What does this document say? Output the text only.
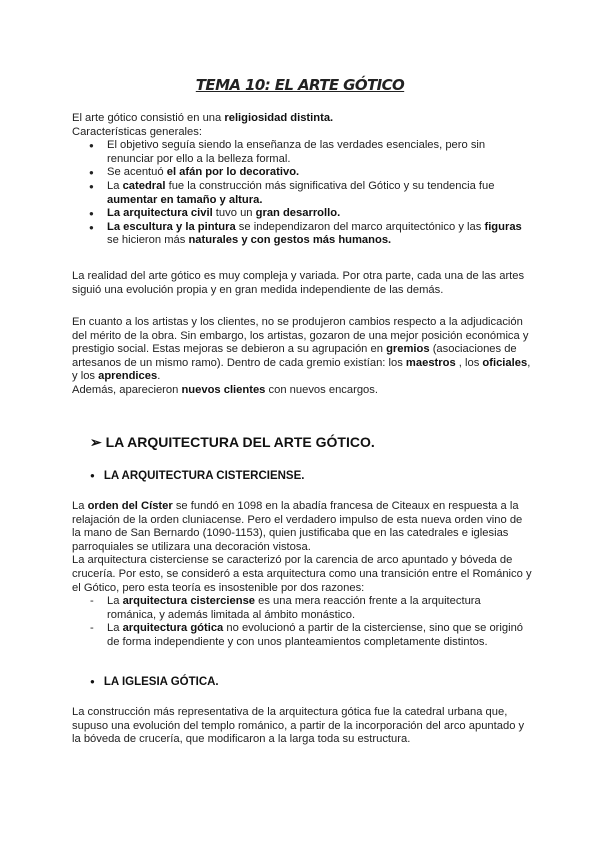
TEMA 10: EL ARTE GÓTICO

El arte gótico consistió en una religiosidad distinta.

Características generales:

● El objetivo seguía siendo la enseñanza de las verdades esenciales, pero sin renunciar por ello a la belleza formal.
● Se acentuó el afán por lo decorativo.
● La catedral fue la construcción más significativa del Gótico y su tendencia fue aumentar en tamaño y altura.
● La arquitectura civil tuvo un gran desarrollo.
● La escultura y la pintura se independizaron del marco arquitectónico y las figuras se hicieron más naturales y con gestos más humanos.

La realidad del arte gótico es muy compleja y variada. Por otra parte, cada una de las artes siguió una evolución propia y en gran medida independiente de las demás.

En cuanto a los artistas y los clientes, no se produjeron cambios respecto a la adjudicación del mérito de la obra. Sin embargo, los artistas, gozaron de una mejor posición económica y prestigio social. Estas mejoras se debieron a su agrupación en gremios (asociaciones de artesanos de un mismo ramo). Dentro de cada gremio existían: los maestros , los oficiales, y los aprendices.

Además, aparecieron nuevos clientes con nuevos encargos.

➢ LA ARQUITECTURA DEL ARTE GÓTICO.
● LA ARQUITECTURA CISTERCIENSE.

La orden del Císter se fundó en 1098 en la abadía francesa de Citeaux en respuesta a la relajación de la orden cluniacense. Pero el verdadero impulso de esta nueva orden vino de la mano de San Bernardo (1090-1153), quien justificaba que en las catedrales e iglesias parroquiales se utilizara una decoración vistosa.

La arquitectura cisterciense se caracterizó por la carencia de arco apuntado y bóveda de crucería. Por esto, se consideró a esta arquitectura como una transición entre el Románico y el Gótico, pero esta teoría es insostenible por dos razones:

- La arquitectura cisterciense es una mera reacción frente a la arquitectura románica, y además limitada al ámbito monástico.
- La arquitectura gótica no evolucionó a partir de la cisterciense, sino que se originó de forma independiente y con unos planteamientos completamente distintos.
● LA IGLESIA GÓTICA.

La construcción más representativa de la arquitectura gótica fue la catedral urbana que, supuso una evolución del templo románico, a partir de la incorporación del arco apuntado y la bóveda de crucería, que modificaron a la larga toda su estructura.
